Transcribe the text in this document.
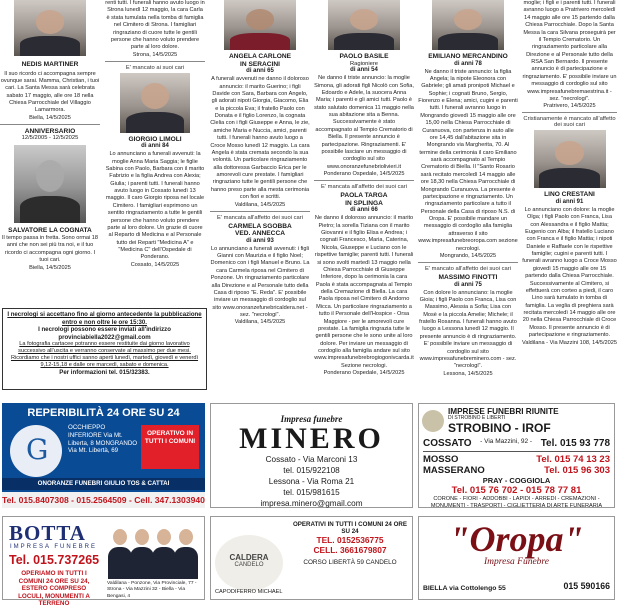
NEDIS MARTINER
Il suo ricordo ci accompagna sempre ovunque sarai. Mamma, Christian, i tuoi cari. La Santa Messa sarà celebrata sabato 17 maggio, alle ore 18 nella Chiesa Parrocchiale del Villaggio Lamarmora.
Biella, 14/5/2025
ANNIVERSARIO
12/5/2005 - 12/5/2025
SALVATORE LA COGNATA
Il tempo passa in fretta. Sono ormai 18 anni che non sei più tra noi, e il tuo ricordo ci accompagna ogni giorno. I tuoi cari.
Biella, 14/5/2025
renti tutti. I funerali hanno avuto luogo in Strona lunedì 12 maggio, la cara Carla è stata tumulata nella tomba di famiglia nel Cimitero di Strona. I famigliari ringraziano di cuore tutte le gentili persone che hanno voluto prendere parte al loro dolore.
Strona, 14/5/2025
E' mancato ai suoi cari
GIORGIO LIMOLI
di anni 84
Lo annunciano a funerali avvenuti: la moglie Anna Maria Saggia; le figlie Sabina con Paolo, Barbara con il marito Fabrizio e la figlia Andrea con Alexia; Giulia; i parenti tutti. I funerali hanno avuto luogo in Cossato lunedì 13 maggio. Il caro Giorgio riposa nel locale Cimitero. I famigliari esprimono un sentito ringraziamento a tutte le gentili persone che hanno voluto prendere parte al loro dolore. Un grazie di cuore al Reparto di Medicina e al Personale tutto dei Reparti "Medicina A" e "Medicina C" dell'Ospedale di Ponderano.
Cossato, 14/5/2025
ANGELA CARLONE
IN SERACINI
di anni 65
A funerali avvenuti ne danno il doloroso annuncio: il marito Guerino; i figli Davide con Sara, Barbara con Angelo, gli adorati nipoti Giorgia, Giacomo, Elia e la piccola Eva; il fratello Paolo con Donata e il figlio Lorenzo, la cognata Clelia con i figli Giuseppe e Anna, le zie, amiche Maria e Nuccia, amici, parenti tutti. I funerali hanno avuto luogo a Croce Mosso lunedì 12 maggio. La cara Angela è stata cremata secondo la sua volontà. Un particolare ringraziamento alla dottoressa Garbaccio Erica per le amorevoli cure prestate. I famigliari ringraziano tutte le gentili persone che hanno preso parte alla mesta cerimonia con fiori e scritti.
Valdilana, 14/5/2025
E' mancata all'affetto dei suoi cari
CARMELA SGOBBA
VED. ANNECCA
di anni 93
Lo annunciano a funerali avvenuti: i figli Gianni con Maurizia e il figlio Noel; Domenico con i figli Manuel e Bruno. La cara Carmela riposa nel Cimitero di Ponzone. Un ringraziamento particolare alla Direzione e al Personale tutto della Casa di riposo "E. Reda". E' possibile inviare un messaggio di cordoglio sul sito www.onoranzefunebricaldera.net - sez. "necrologi".
Valdilana, 14/5/2025
PAOLO BASILE
Ragioniere
di anni 54
Ne danno il triste annuncio: la moglie Simona, gli adorati figli Nicolò con Sofia, Edoardo e Adele, la suocera Anna Maria; i parenti e gli amici tutti. Paolo è stato salutato domenica 11 maggio nella sua abitazione sita a Benna. Successivamente è stato accompagnato al Tempio Crematorio di Biella. Il presente annuncio è partecipazione. Ringraziamenti. E' possibile lasciare un messaggio di cordoglio sul sito www.onoranzefunebriolivieri.it
Ponderano Ospedale, 14/5/2025
E' mancata all'affetto dei suoi cari
PAOLA TARGA
IN SPLINGA
di anni 66
Ne danno il doloroso annuncio: il marito Pietro; la sorella Tiziana con il marito Giovanni e il figlio Elisa e Andrea; i cognati Francesco, Maria, Caterina, Nicola, Giuseppe e Luciano con le rispettive famiglie; parenti tutti. I funerali si sono svolti martedì 13 maggio nella Chiesa Parrocchiale di Giuseppe Inferiore, dopo la cerimonia la cara Paola è stata accompagnata al Tempio della Cremazione di Biella. La cara Paola riposa nel Cimitero di Andorno Micca. Un particolare ringraziamento a tutto il Personale dell'Hospice - Orsa Maggiore - per le amorevoli cure prestate. La famiglia ringrazia tutte le gentili persone che le sono unite al loro dolore. Per inviare un messaggio di cordoglio alla famiglia andare sul sito www.impresafunebrebrogiogonivcarda.it Sezione necrologi.
Ponderano Ospedale, 14/5/2025
EMILIANO MERCANDINO
di anni 78
Ne danno il triste annuncio: la figlia Angela; la nipote Eleonora con Gabriele; gli amati pronipoti Michael e Sophie; i cognati Bruno, Sergio, Fiorenzo e Elena; amici, cugini e parenti tutti. I funerali avranno luogo in Mongrando giovedì 15 maggio alle ore 15,00 nella Chiesa Parrocchiale di Curanuova, con partenza in auto alle ore 14,45 dall'abitazione sita in Mongrando via Margherita, 70. Al termine della cerimonia il caro Emiliano sarà accompagnato al Tempio Crematorio di Biella. Il "Santo Rosario sarà recitato mercoledì 14 maggio alle ore 18,30 nella Chiesa Parrocchiale di Mongrando Curanuova. La presente è partecipazione e ringraziamento. Un ringraziamento particolare a tutto il Personale della Casa di riposo N.S. di Oropa. E' possibile mandare un messaggio di cordoglio alla famiglia attraverso il sito www.impresafunebreoropa.com sezione necrologi.
Mongrando, 14/5/2025
E' mancato all'affetto dei suoi cari
MASSIMO FINOTTI
di anni 75
Con dolore lo annunciano: la moglie Gioia; i figli Paolo con Franca, Lisa con Massimo, Alessia a Sofia; Lisa con Mosè e la piccola Amelie; Michele; il fratello Rosanna. I funerali hanno avuto luogo a Lessona lunedì 12 maggio. Il presente annuncio è di ringraziamento. E' possibile inviare un messaggio di cordoglio sul sito www.impresafunebreminero.com - sez. "necrologi".
Lessona, 14/5/2025
moglie; i figli e i parenti tutti. I funerali avranno luogo a Pratrivero mercoledì 14 maggio alle ore 15 partendo dalla Chiesa Parrocchiale. Dopo la Santa Messa la cara Silvana proseguirà per il Tempio Crematorio. Un ringraziamento particolare alla Direzione e al Personale tutto della RSA San Bernardo. Il presente annuncio è di partecipazione e ringraziamento. E' possibile inviare un messaggio di cordoglio sul sito www.impresafunebremaestrina.it - sez. "necrologi".
Pratrivero, 14/5/2025
Cristianamente è mancato all'affetto dei suoi cari
LINO CRESTANI
di anni 91
Lo annunciano con dolore: la moglie Olga; i figli Paolo con Franca, Lisa con Alessandra e il figlio Mattia; Eugenio con Alba; il fratello Luciano con Franca e il figlio Mattia; i nipoti Daniele e Raffaele con le rispettive famiglie; cugini e parenti tutti. I funerali avranno luogo a Croce Mosso giovedì 15 maggio alle ore 15 partendo dalla Chiesa Parrocchiale. Successivamente al Cimitero, si effettuerà con corteo a piedi, il caro Lino sarà tumulato in tomba di famiglia. La veglia di preghiera sarà recitata mercoledì 14 maggio alle ore 20 nella Chiesa Parrocchiale di Croce Mosso. Il presente annuncio è di partecipazione e ringraziamento.
Valdilana - Via Mazzini 108, 14/5/2025
I necrologi si accettano fino al giorno antecedente la pubblicazione entro e non oltre le ore 15:30.
I necrologi possono essere inviati all'indirizzo provinciabiella2022@gmail.com
La fotografia cartacee potranno essere restituite dai giorno lavorativo successivo all'uscita e verranno conservate al massimo per due mesi. Ricordiamo che i nostri uffici sanno aperti lunedì, martedì, giovedì e venerdì 9,12-15,18 e dalle ore marcedì, sabato e domenica.
Per informazioni tel. 015/32383.
REPERIBILITÀ 24 ORE SU 24
G
OCCHIEPPO INFERIORE Via Mt. Liberta, 8 MONGRANDO Via Mt. Libertà, 69
OPERATIVO IN TUTTI I COMUNI
ONORANZE FUNEBRI GIULIO TOS & CATTAI
Tel. 015.8407308 - 015.2564509 - Cell. 347.1303940
Impresa funebre
MINERO
Cossato - Via Marconi 13
tel. 015/922108
Lessona - Via Roma 21
tel. 015/981615
impresa.minero@gmail.com
IMPRESE FUNEBRI RIUNITE
DI STROBINO E LIBERTI
STROBINO - IROF
COSSATO - Via Mazzini, 92 - Tel. 015 93 778
MOSSO	Tel. 015 74 13 23
MASSERANO	Tel. 015 96 303
PRAY - COGGIOLA
Tel. 015 76 702 - 015 78 77 81
CORONE - FIORI - ADDOBBI - LAPIDI - ARREDI - CREMAZIONI - MONUMENTI - TRASPORTI - CIGLIETTERIA DI ARTE FUNERARIA
BOTTA
IMPRESA FUNEBRE
Tel. 015.737265
OPERIAMO IN TUTTI I COMUNI 24 ORE SU 24, ESTERO COMPRESO LOCULI, MONUMENTI A TERRENO
Valdilana - Ponzone, Via Provinciale, 77 - Strona - Via Mazzini 32 - Biella - Via Bengasi, 4
CALDERA
CANDELO
OPERATIVI IN TUTTI I COMUNI 24 ORE SU 24
TEL. 0152536775
CELL. 3661679807
CORSO LIBERTÀ 59 CANDELO
CAPODIFERRO MICHAEL
"Oropa"
Impresa Funebre
BIELLA via Cottolengo 55	015 590166
